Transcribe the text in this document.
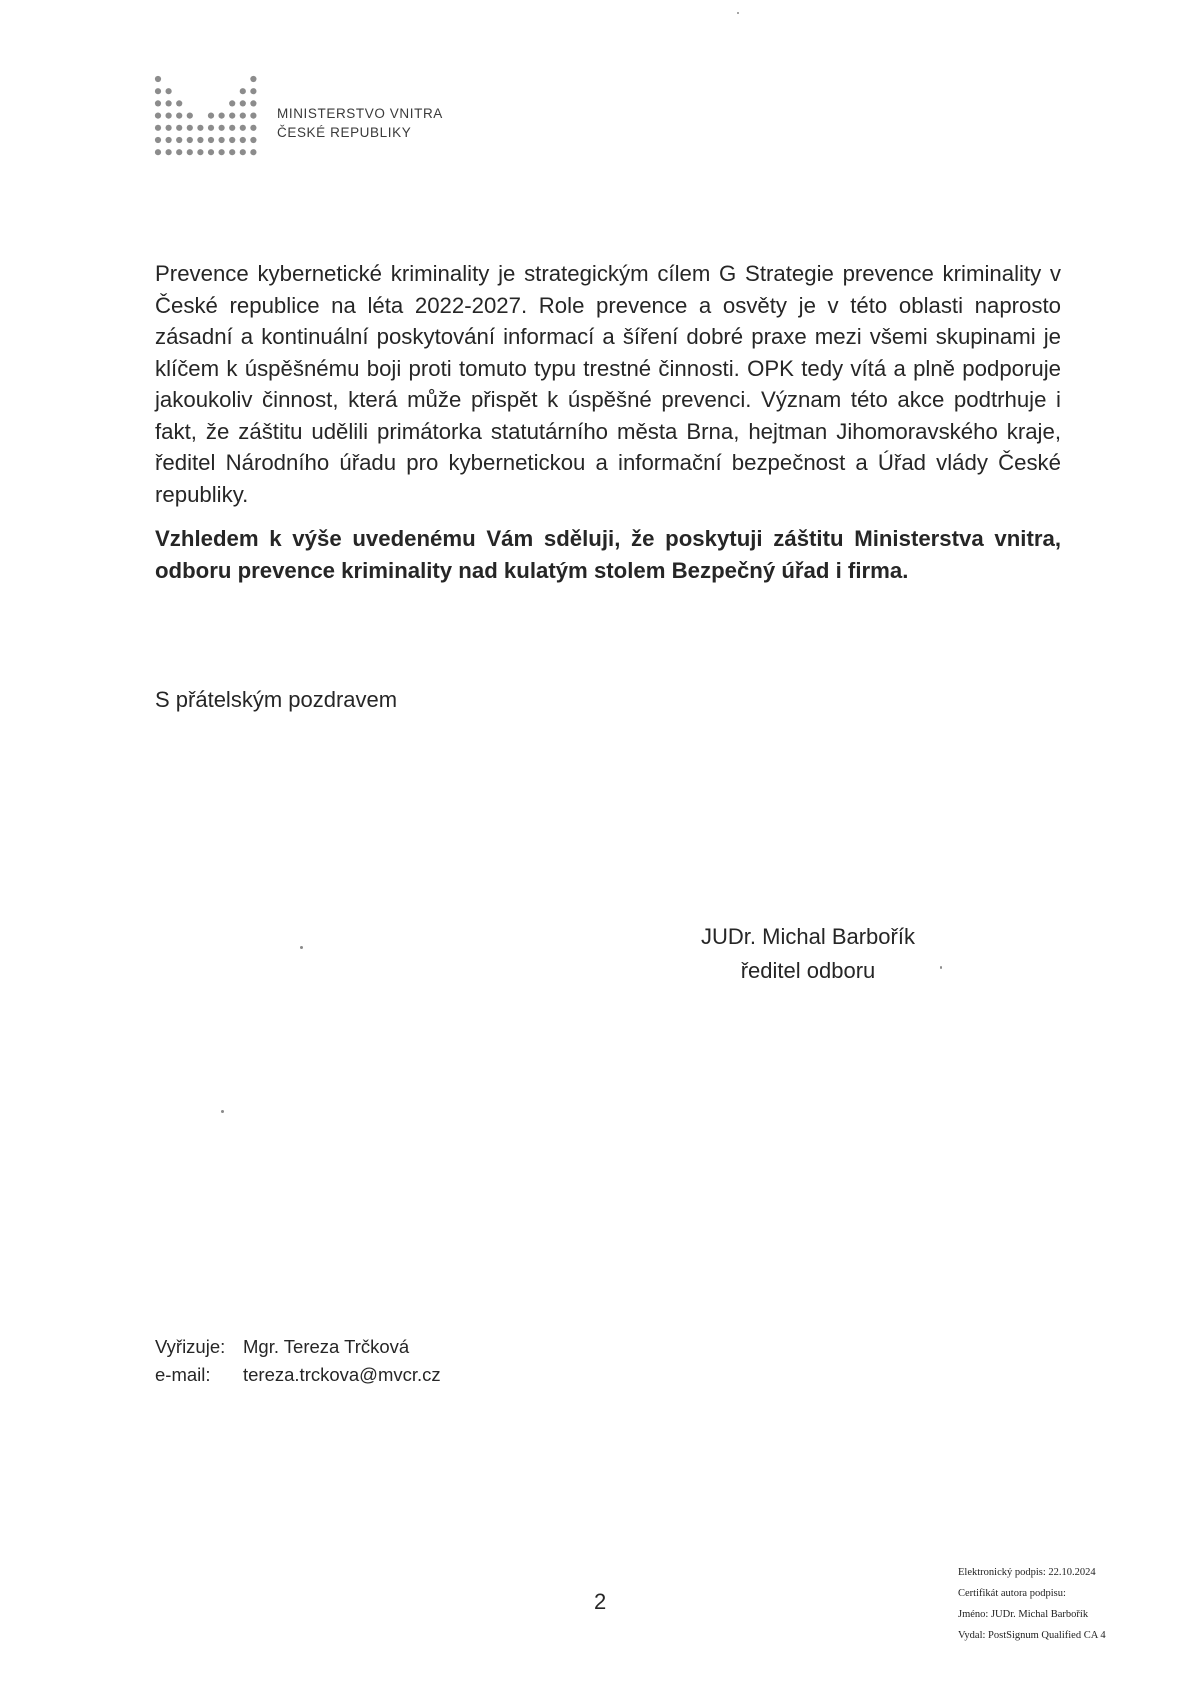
MINISTERSTVO VNITRA
ČESKÉ REPUBLIKY

Prevence kybernetické kriminality je strategickým cílem G Strategie prevence kriminality v České republice na léta 2022-2027. Role prevence a osvěty je v této oblasti naprosto zásadní a kontinuální poskytování informací a šíření dobré praxe mezi všemi skupinami je klíčem k úspěšnému boji proti tomuto typu trestné činnosti. OPK tedy vítá a plně podporuje jakoukoliv činnost, která může přispět k úspěšné prevenci. Význam této akce podtrhuje i fakt, že záštitu udělili primátorka statutárního města Brna, hejtman Jihomoravského kraje, ředitel Národního úřadu pro kybernetickou a informační bezpečnost a Úřad vlády České republiky.

Vzhledem k výše uvedenému Vám sděluji, že poskytuji záštitu Ministerstva vnitra, odboru prevence kriminality nad kulatým stolem Bezpečný úřad i firma.

S přátelským pozdravem
JUDr. Michal Barbořík
ředitel odboru
Vyřizuje: Mgr. Tereza Trčková
e-mail:	tereza.trckova@mvcr.cz
2
Elektronický podpis: 22.10.2024
Certifikát autora podpisu:
Jméno: JUDr. Michal Barbořík
Vydal: PostSignum Qualified CA 4
